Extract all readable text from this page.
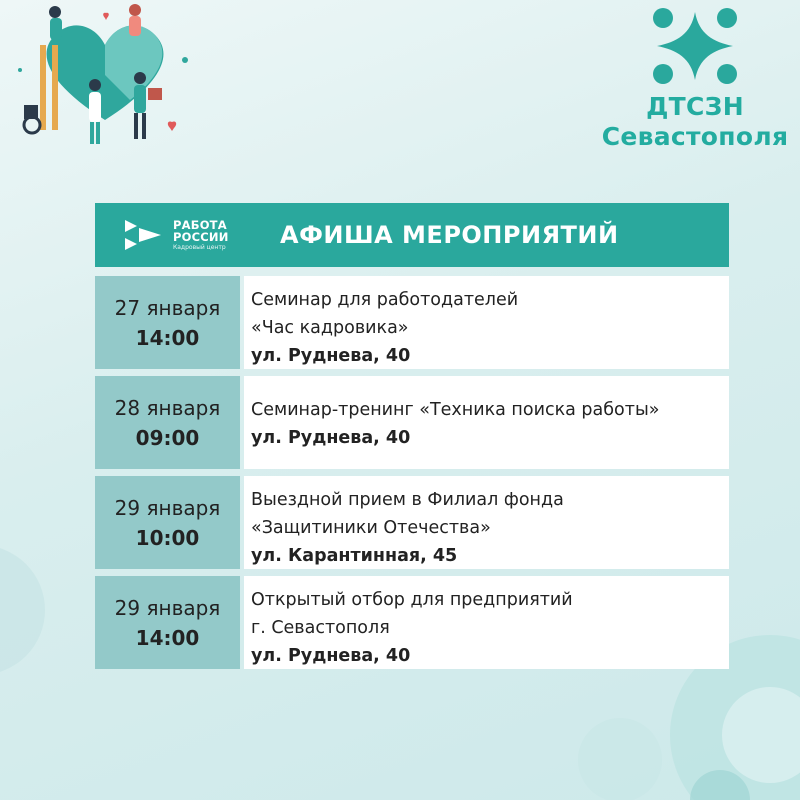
ДТСЗН
Севастополя
РАБОТА
РОССИИ
Кадровый центр АФИША МЕРОПРИЯТИЙ
27 января
14:00
Семинар для работодателей
«Час кадровика»
ул. Руднева, 40
28 января
09:00
Семинар-тренинг «Техника поиска работы»
ул. Руднева, 40
29 января
10:00
Выездной прием в Филиал фонда
«Защитиники Отечества»
ул. Карантинная, 45
29 января
14:00
Открытый отбор для предприятий
г. Севастополя
ул. Руднева, 40
